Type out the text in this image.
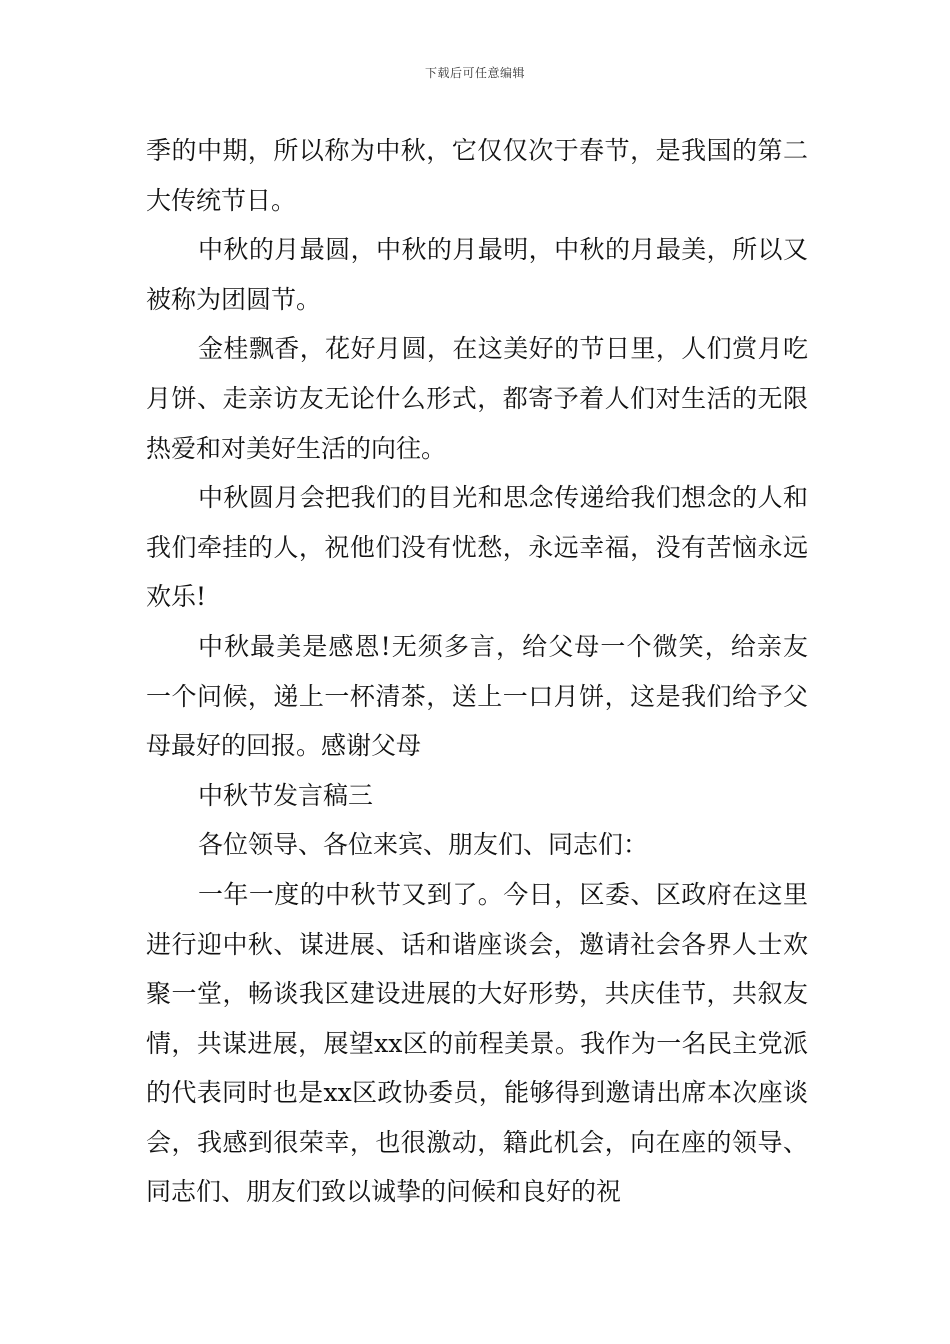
下载后可任意编辑

季的中期，所以称为中秋，它仅仅次于春节，是我国的第二大传统节日。

中秋的月最圆，中秋的月最明，中秋的月最美，所以又被称为团圆节。

金桂飘香，花好月圆，在这美好的节日里，人们赏月吃月饼、走亲访友无论什么形式，都寄予着人们对生活的无限热爱和对美好生活的向往。

中秋圆月会把我们的目光和思念传递给我们想念的人和我们牵挂的人，祝他们没有忧愁，永远幸福，没有苦恼永远欢乐!

中秋最美是感恩!无须多言，给父母一个微笑，给亲友一个问候，递上一杯清茶，送上一口月饼，这是我们给予父母最好的回报。感谢父母

中秋节发言稿三

各位领导、各位来宾、朋友们、同志们：

一年一度的中秋节又到了。今日，区委、区政府在这里进行迎中秋、谋进展、话和谐座谈会，邀请社会各界人士欢聚一堂，畅谈我区建设进展的大好形势，共庆佳节，共叙友情，共谋进展，展望xx区的前程美景。我作为一名民主党派的代表同时也是xx区政协委员，能够得到邀请出席本次座谈会，我感到很荣幸，也很激动，籍此机会，向在座的领导、同志们、朋友们致以诚挚的问候和良好的祝
